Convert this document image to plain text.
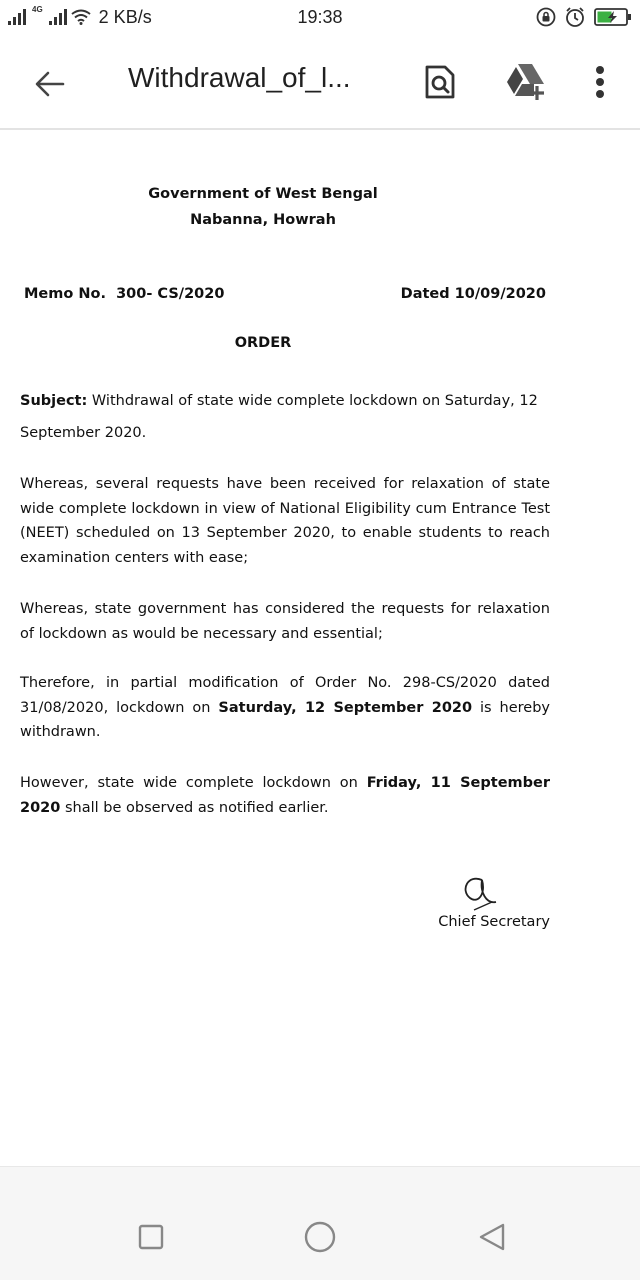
4G	2 KB/s	19:38
Withdrawal_of_l...
Government of West Bengal
Nabanna, Howrah
Memo No.  300- CS/2020	Dated 10/09/2020
ORDER
Subject: Withdrawal of state wide complete lockdown on Saturday, 12 September 2020.
Whereas, several requests have been received for relaxation of state wide complete lockdown in view of National Eligibility cum Entrance Test (NEET) scheduled on 13 September 2020, to enable students to reach examination centers with ease;
Whereas, state government has considered the requests for relaxation of lockdown as would be necessary and essential;
Therefore, in partial modification of Order No. 298-CS/2020 dated 31/08/2020, lockdown on Saturday, 12 September 2020 is hereby withdrawn.
However, state wide complete lockdown on Friday, 11 September 2020 shall be observed as notified earlier.
Chief Secretary
